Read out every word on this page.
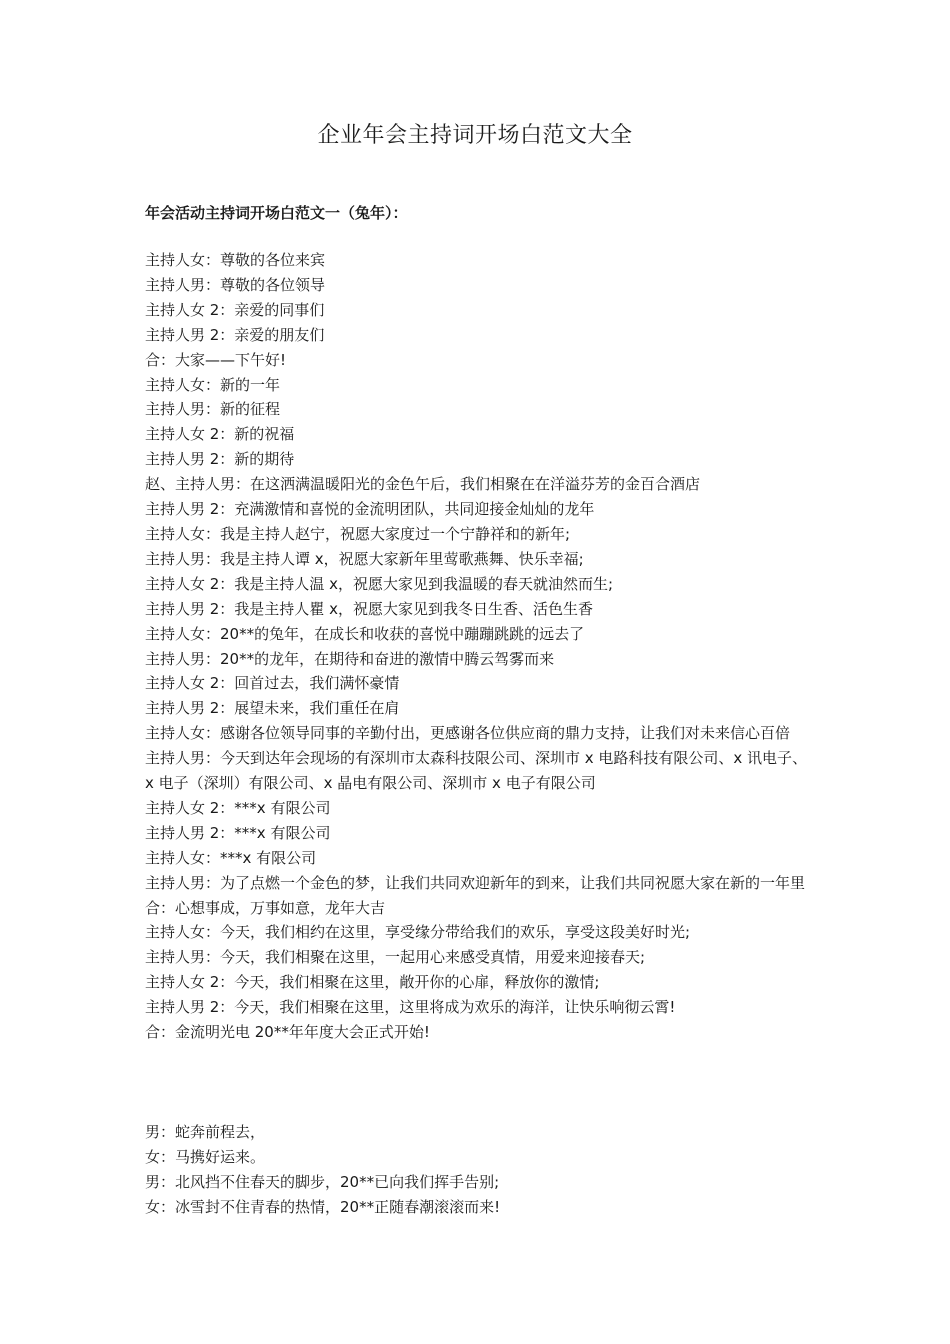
企业年会主持词开场白范文大全
年会活动主持词开场白范文一（兔年）：
主持人女：尊敬的各位来宾
主持人男：尊敬的各位领导
主持人女 2：亲爱的同事们
主持人男 2：亲爱的朋友们
合：大家——下午好!
主持人女：新的一年
主持人男：新的征程
主持人女 2：新的祝福
主持人男 2：新的期待
赵、主持人男：在这洒满温暖阳光的金色午后，我们相聚在在洋溢芬芳的金百合酒店
主持人男 2：充满激情和喜悦的金流明团队，共同迎接金灿灿的龙年
主持人女：我是主持人赵宁，祝愿大家度过一个宁静祥和的新年;
主持人男：我是主持人谭 x，祝愿大家新年里莺歌燕舞、快乐幸福;
主持人女 2：我是主持人温 x，祝愿大家见到我温暖的春天就油然而生;
主持人男 2：我是主持人瞿 x，祝愿大家见到我冬日生香、活色生香
主持人女：20**的兔年，在成长和收获的喜悦中蹦蹦跳跳的远去了
主持人男：20**的龙年，在期待和奋进的激情中腾云驾雾而来
主持人女 2：回首过去，我们满怀豪情
主持人男 2：展望未来，我们重任在肩
主持人女：感谢各位领导同事的辛勤付出，更感谢各位供应商的鼎力支持，让我们对未来信心百倍
主持人男：今天到达年会现场的有深圳市太森科技限公司、深圳市 x 电路科技有限公司、x 讯电子、x 电子（深圳）有限公司、x 晶电有限公司、深圳市 x 电子有限公司
主持人女 2：***x 有限公司
主持人男 2：***x 有限公司
主持人女：***x 有限公司
主持人男：为了点燃一个金色的梦，让我们共同欢迎新年的到来，让我们共同祝愿大家在新的一年里
合：心想事成，万事如意，龙年大吉
主持人女：今天，我们相约在这里，享受缘分带给我们的欢乐，享受这段美好时光;
主持人男：今天，我们相聚在这里，一起用心来感受真情，用爱来迎接春天;
主持人女 2：今天，我们相聚在这里，敞开你的心扉，释放你的激情;
主持人男 2：今天，我们相聚在这里，这里将成为欢乐的海洋，让快乐响彻云霄!
合：金流明光电 20**年年度大会正式开始!
男：蛇奔前程去，
女：马携好运来。
男：北风挡不住春天的脚步，20**已向我们挥手告别;
女：冰雪封不住青春的热情，20**正随春潮滚滚而来!
